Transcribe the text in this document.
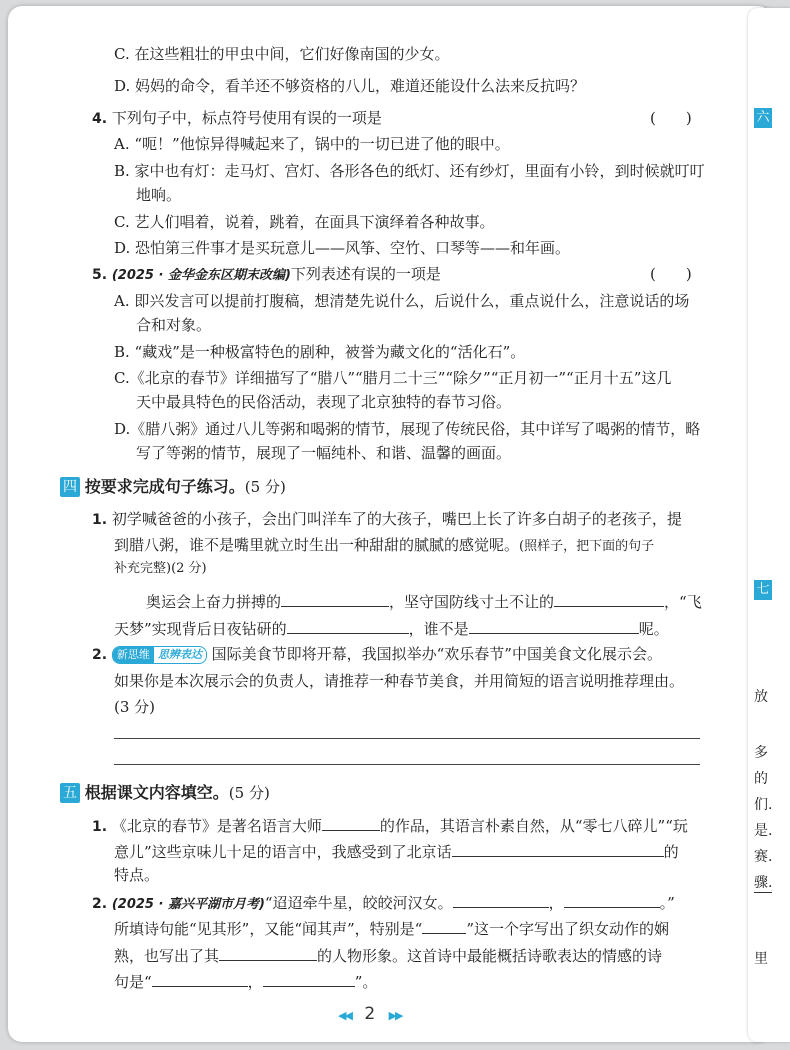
C. 在这些粗壮的甲虫中间，它们好像南国的少女。
D. 妈妈的命令，看羊还不够资格的八儿，难道还能设什么法来反抗吗？
4. 下列句子中，标点符号使用有误的一项是	(　　)
A. “呃！”他惊异得喊起来了，锅中的一切已进了他的眼中。
B. 家中也有灯：走马灯、宫灯、各形各色的纸灯、还有纱灯，里面有小铃，到时候就叮叮
地响。
C. 艺人们唱着，说着，跳着，在面具下演绎着各种故事。
D. 恐怕第三件事才是买玩意儿——风筝、空竹、口琴等——和年画。
5. (2025 · 金华金东区期末改编)下列表述有误的一项是	(　　)
A. 即兴发言可以提前打腹稿，想清楚先说什么，后说什么，重点说什么，注意说话的场
合和对象。
B. “藏戏”是一种极富特色的剧种，被誉为藏文化的“活化石”。
C.《北京的春节》详细描写了“腊八”“腊月二十三”“除夕”“正月初一”“正月十五”这几
天中最具特色的民俗活动，表现了北京独特的春节习俗。
D.《腊八粥》通过八儿等粥和喝粥的情节，展现了传统民俗，其中详写了喝粥的情节，略
写了等粥的情节，展现了一幅纯朴、和谐、温馨的画面。
四 按要求完成句子练习。(5 分)
1. 初学喊爸爸的小孩子，会出门叫洋车了的大孩子，嘴巴上长了许多白胡子的老孩子，提
到腊八粥，谁不是嘴里就立时生出一种甜甜的腻腻的感觉呢。(照样子，把下面的句子
补充完整)(2 分)
奥运会上奋力拼搏的	，坚守国防线寸土不让的	，“飞
天梦”实现背后日夜钻研的	，谁不是	呢。
2. 新思维 思辨表达 国际美食节即将开幕，我国拟举办“欢乐春节”中国美食文化展示会。
如果你是本次展示会的负责人，请推荐一种春节美食，并用简短的语言说明推荐理由。
(3 分)
五 根据课文内容填空。(5 分)
1. 《北京的春节》是著名语言大师	的作品，其语言朴素自然，从“零七八碎儿”“玩
意儿”这些京味儿十足的语言中，我感受到了北京话	的
特点。
2. (2025 · 嘉兴平湖市月考)“迢迢牵牛星，皎皎河汉女。	，	。”
所填诗句能“见其形”，又能“闻其声”，特别是“	”这一个字写出了织女动作的娴
熟，也写出了其	的人物形象。这首诗中最能概括诗歌表达的情感的诗
句是“	，	”。
◀◀ 2 ▶▶
六
七
放
多
的
们.
是.
赛.
骤.
里
